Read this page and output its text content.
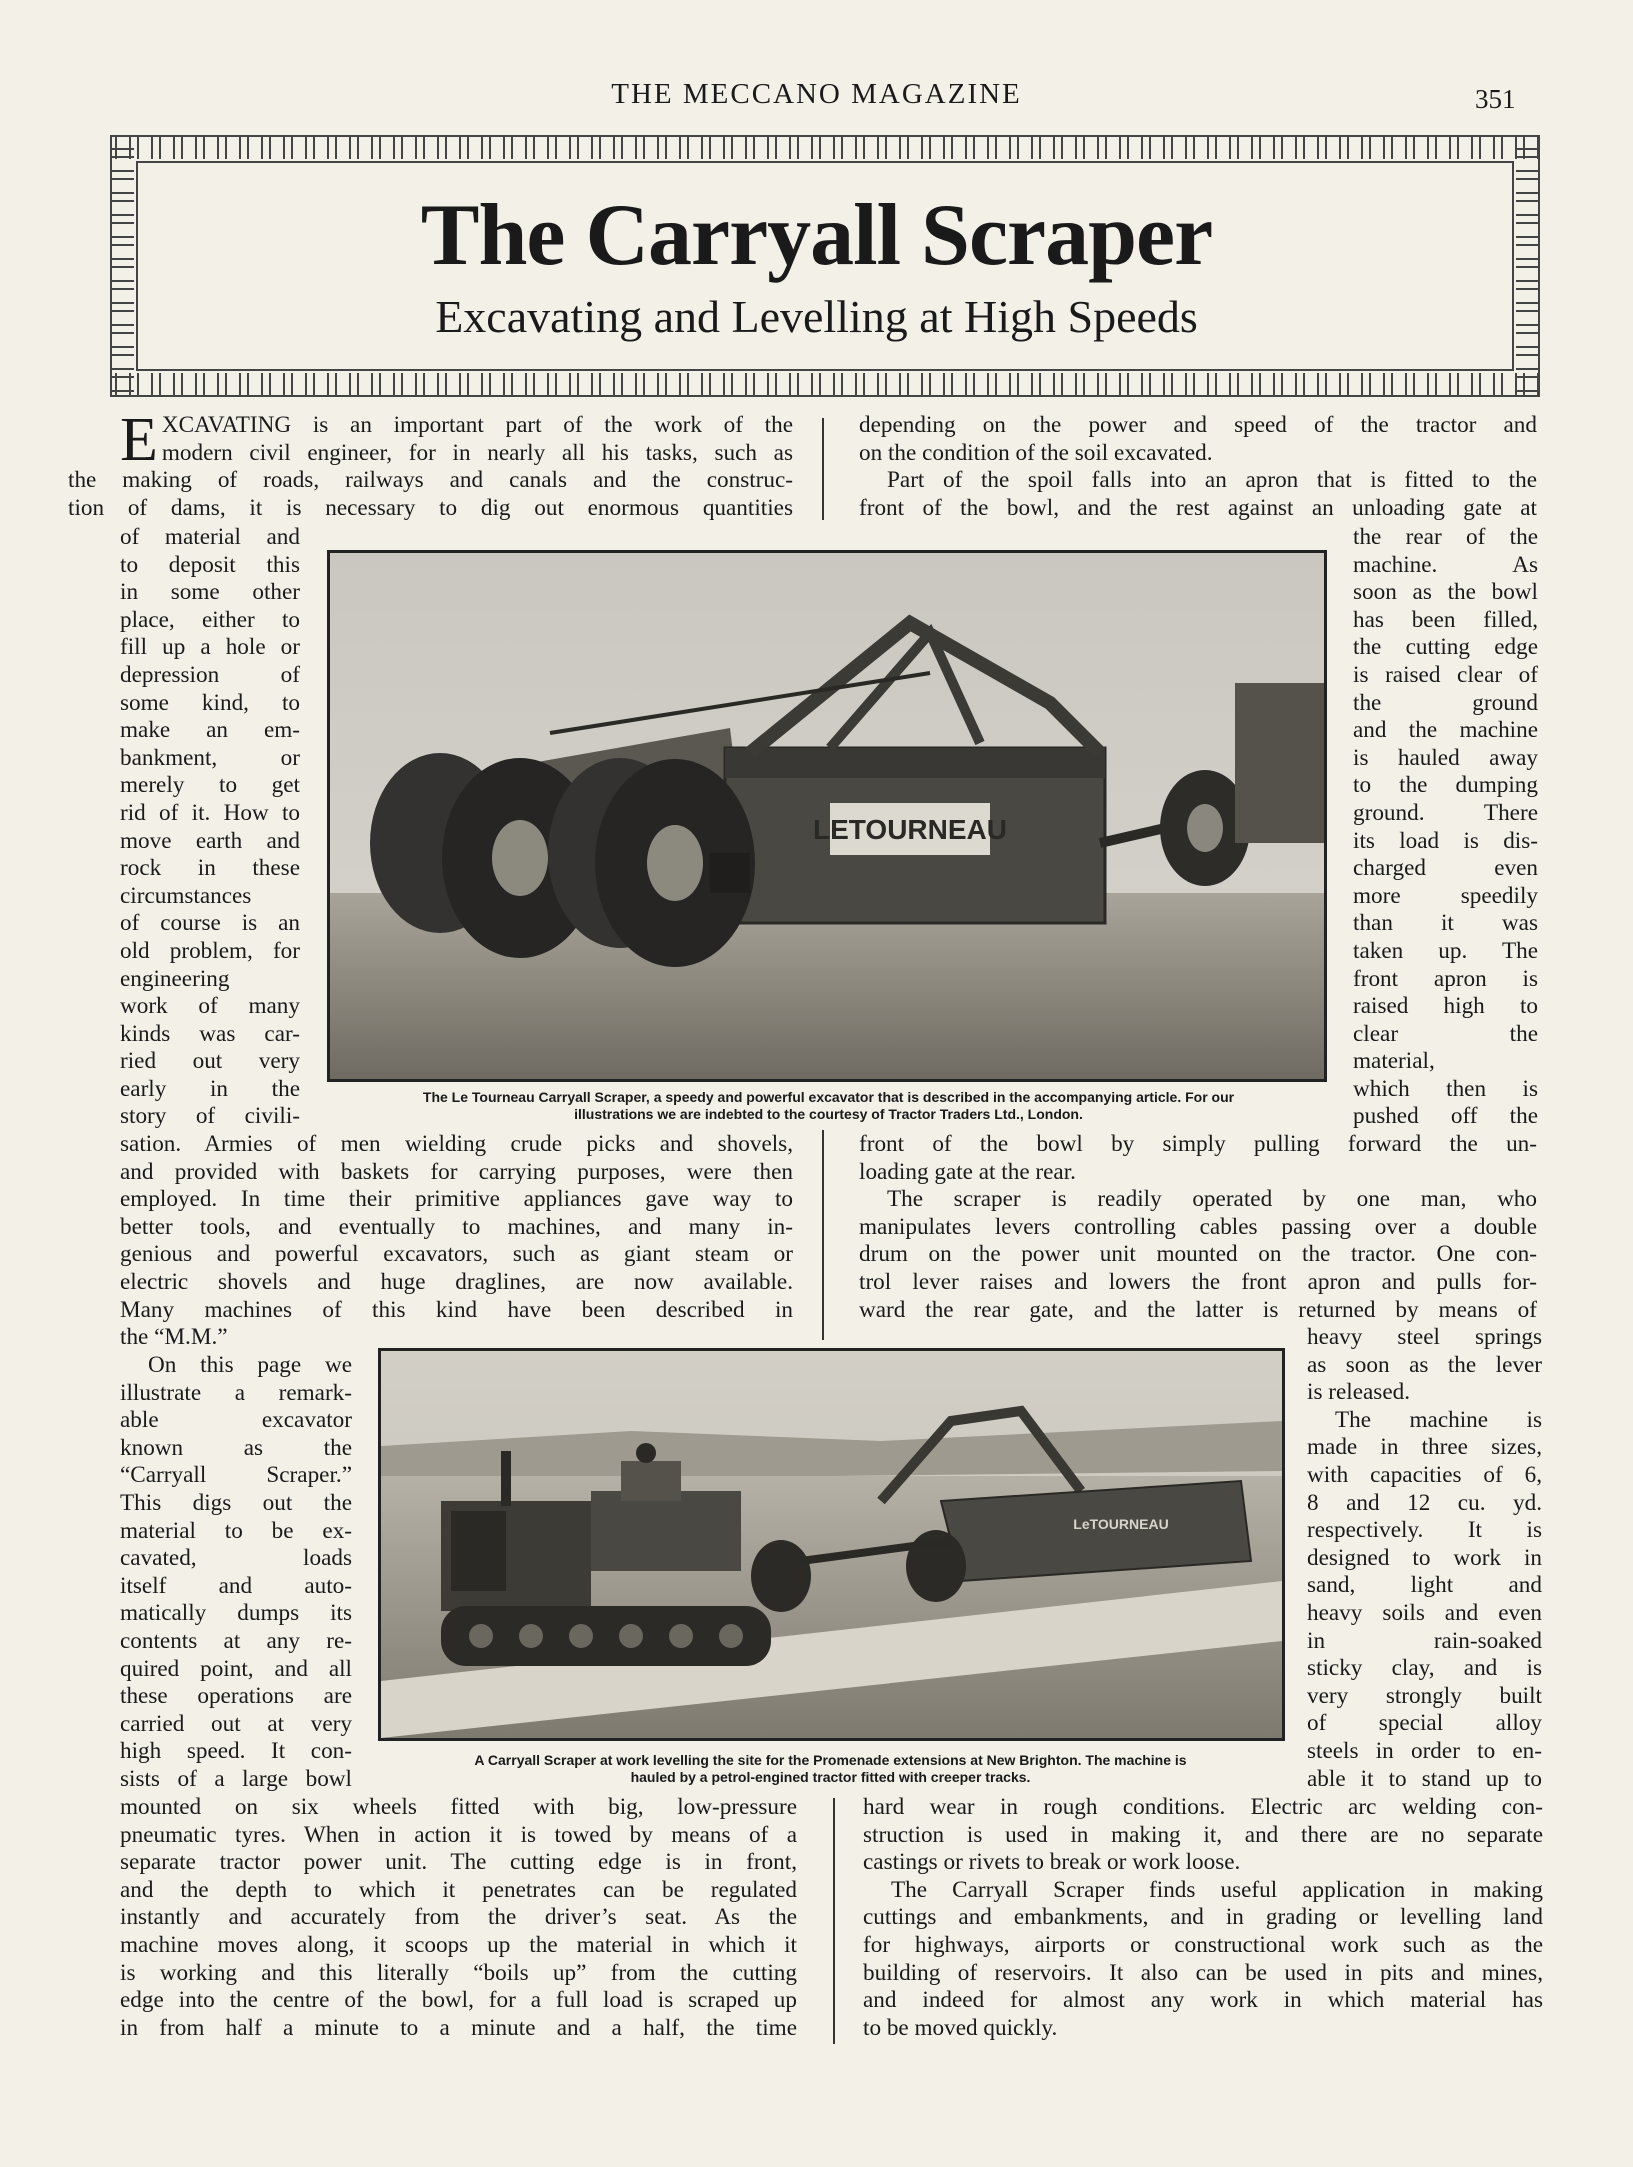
THE MECCANO MAGAZINE	351
The Carryall Scraper
Excavating and Levelling at High Speeds
E XCAVATING is an important part of the work of the
modern civil engineer, for in nearly all his tasks, such as
the making of roads, railways and canals and the construc-
tion of dams, it is necessary to dig out enormous quantities
of material and
to deposit this
in some other
place, either to
fill up a hole or
depression of
some kind, to
make an em-
bankment, or
merely to get
rid of it. How to
move earth and
rock in these
circumstances
of course is an
old problem, for
engineering
work of many
kinds was car-
ried out very
early in the
story of civili-
sation. Armies of men wielding crude picks and shovels,
and provided with baskets for carrying purposes, were then
employed. In time their primitive appliances gave way to
better tools, and eventually to machines, and many in-
genious and powerful excavators, such as giant steam or
electric shovels and huge draglines, are now available.
Many machines of this kind have been described in
the “M.M.”
On this page we
illustrate a remark-
able excavator
known as the
“Carryall Scraper.”
This digs out the
material to be ex-
cavated, loads
itself and auto-
matically dumps its
contents at any re-
quired point, and all
these operations are
carried out at very
high speed. It con-
sists of a large bowl
mounted on six wheels fitted with big, low-pressure
pneumatic tyres. When in action it is towed by means of a
separate tractor power unit. The cutting edge is in front,
and the depth to which it penetrates can be regulated
instantly and accurately from the driver’s seat. As the
machine moves along, it scoops up the material in which it
is working and this literally “boils up” from the cutting
edge into the centre of the bowl, for a full load is scraped up
in from half a minute to a minute and a half, the time
depending on the power and speed of the tractor and
on the condition of the soil excavated.
Part of the spoil falls into an apron that is fitted to the
front of the bowl, and the rest against an unloading gate at
the rear of the
machine. As
soon as the bowl
has been filled,
the cutting edge
is raised clear of
the ground
and the machine
is hauled away
to the dumping
ground. There
its load is dis-
charged even
more speedily
than it was
taken up. The
front apron is
raised high to
clear the
material,
which then is
pushed off the
front of the bowl by simply pulling forward the un-
loading gate at the rear.
The scraper is readily operated by one man, who
manipulates levers controlling cables passing over a double
drum on the power unit mounted on the tractor. One con-
trol lever raises and lowers the front apron and pulls for-
ward the rear gate, and the latter is returned by means of
heavy steel springs
as soon as the lever
is released.
The machine is
made in three sizes,
with capacities of 6,
8 and 12 cu. yd.
respectively. It is
designed to work in
sand, light and
heavy soils and even
in rain-soaked
sticky clay, and is
very strongly built
of special alloy
steels in order to en-
able it to stand up to
hard wear in rough conditions. Electric arc welding con-
struction is used in making it, and there are no separate
castings or rivets to break or work loose.
The Carryall Scraper finds useful application in making
cuttings and embankments, and in grading or levelling land
for highways, airports or constructional work such as the
building of reservoirs. It also can be used in pits and mines,
and indeed for almost any work in which material has
to be moved quickly.
LETOURNEAU
The Le Tourneau Carryall Scraper, a speedy and powerful excavator that is described in the accompanying article. For our
illustrations we are indebted to the courtesy of Tractor Traders Ltd., London.
LeTOURNEAU
A Carryall Scraper at work levelling the site for the Promenade extensions at New Brighton. The machine is
hauled by a petrol-engined tractor fitted with creeper tracks.
